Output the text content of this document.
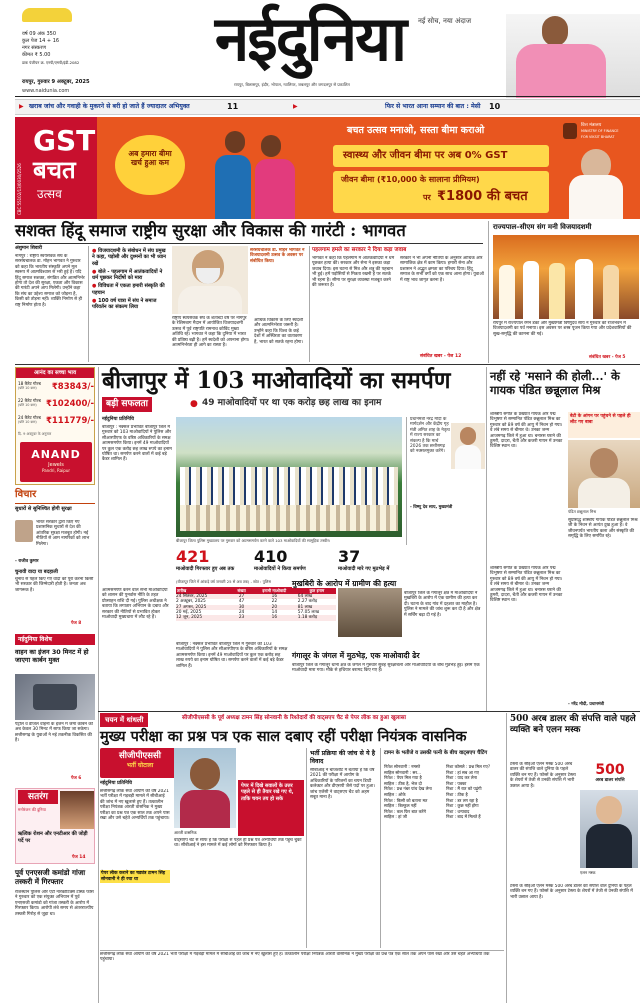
वर्ष 09 अंक 350
कुल पेज 14 + 16
नगर संस्करण
कीमत ₹ 5.00
डाक पंजीयन क्र. एनपी/एमपी/इंडी-2082	नईदुनिया	नई सोच, नया अंदाज
रायपुर, बिलासपुर, इंदौर, भोपाल, ग्वालियर, जबलपुर और जगदलपुर से प्रकाशित
रायपुर, गुरुवार 9 अक्टूबर, 2025
www.naidunia.com
▶ खराब जांच और गवाही के मुकरने से बरी हो जाते हैं ज्यादातर अभियुक्त	11	▶	फिर से भारत आना सम्मान की बात : मेसी 10
CBC 55102/13/0030/2526
GST
बचत
उत्सव
अब हमारा बीमा खर्च हुआ कम
बचत उत्सव मनाओ, सस्ता बीमा कराओ
स्वास्थ्य और जीवन बीमा पर अब 0% GST
जीवन बीमा (₹10,000 के सालाना प्रीमियम)
पर ₹1800 की बचत
वित्त मंत्रालय
MINISTRY OF FINANCE
FOR VIKSIT BHARAT
सशक्त हिंदू समाज राष्ट्रीय सुरक्षा और विकास की गारंटी : भागवत
अंशुमान शिवारी
नागपुर : राष्ट्रीय स्वयंसेवक संघ के सरसंघचालक डा. मोहन भागवत ने गुरुवार को कहा कि भारतीय संस्कृति अपने मूल स्वरूप में आत्मविश्वास से भरी हुई है। यदि हिंदू समाज सशक्त, संगठित और आत्मनिर्भर होगा तो देश की सुरक्षा, एकता और विकास की गारंटी अपने आप मिलेगी। उन्होंने कहा कि संघ का उद्देश्य समाज को जोड़ना है, किसी को तोड़ना नहीं। व्यक्ति निर्माण से ही राष्ट्र निर्माण होता है।
● विजयादशमी के संबोधन में संघ प्रमुख ने कहा, पड़ोसी और दुश्मनों का भी ध्यान रखें
● बोले - पहलगाम में आतंकवादियों ने धर्म पूछकर निर्दोषों को मारा
● विविधता में एकता हमारी संस्कृति की पहचान
● 100 वर्ष यात्रा में संघ ने समाज परिवर्तन का संकल्प लिया
सरसंघचालक डा. मोहन भागवत ने विजयादशमी उत्सव के अवसर पर संबोधित किया।
राष्ट्रीय स्वयंसेवक संघ के शताब्दी वर्ष पर नागपुर के रेशिमबाग मैदान में आयोजित विजयादशमी उत्सव में पूर्व राष्ट्रपति रामनाथ कोविंद मुख्य अतिथि रहे। भागवत ने कहा कि दुनिया में भारत की प्रतिष्ठा बढ़ी है। हमें स्वदेशी को अपनाना होगा। आत्मनिर्भरता ही आगे का रास्ता है।
आर्थिक विकास के लिए स्वदेशी और आत्मनिर्भरता जरूरी है। उन्होंने कहा कि विश्व के कई देशों में अस्थिरता का वातावरण है, भारत को सतर्क रहना होगा।
पहलगाम हमले का सरकार ने दिया कड़ा जवाब
भागवत ने कहा कि पहलगाम में आतंकवादियों ने धर्म पूछकर हत्या की। सरकार और सेना ने इसका कड़ा जवाब दिया। इस घटना से मित्र और शत्रु की पहचान भी हुई। हमें पड़ोसियों से मित्रता रखनी है पर सतर्क भी रहना है। सीमा पर सुरक्षा व्यवस्था मजबूत करने की जरूरत है।
सरकार ने भी अपनी नीतियों के अनुसार आर्थिक और सामाजिक क्षेत्र में काम किया। हमारी सेना और प्रशासन ने अद्भुत क्षमता का परिचय दिया। हिंदू समाज के सभी वर्गों को एक साथ आना होगा। युवाओं में राष्ट्र भाव जागृत करना है।
संबंधित खबर - पेज 12
राज्यपाल–सीएम संग मनी विजयादशमी
रायपुर में राज्यपाल रमेन डेका और मुख्यमंत्री विष्णुदेव साय ने गुरुवार को राजभवन में विजयादशमी का पर्व मनाया। इस अवसर पर शस्त्र पूजन किया गया और प्रदेशवासियों की सुख-समृद्धि की कामना की गई।
संबंधित खबर - पेज 5
आनंद का सच्चा भाव
18 कैरेट गोल्ड
(प्रति 10 ग्राम)	₹83843/-
22 कैरेट गोल्ड
(प्रति 10 ग्राम)	₹102400/-
24 कैरेट गोल्ड
(प्रति 10 ग्राम)	₹111779/-
दि. 9 अक्टूबर के अनुसार
ANAND
Jewels
Pandri, Raipur
विचार
सुधारों से सुनिश्चित होगी सुरक्षा
भारत सरकार द्वारा किए गए प्रशासनिक सुधारों से देश की आंतरिक सुरक्षा मजबूत होगी। नई नीतियों से आम नागरिकों को लाभ मिलेगा।
- राजीव कुमार
चुनावी वादा या बदहाली
चुनाव से पहले किए गए वादों को पूरा करना किसी भी सरकार की जिम्मेदारी होती है। जनता अब जागरूक है।
पेज 8
नईदुनिया विशेष
वाहन का इंजन 30 मिनट में हो जाएगा कार्बन मुक्त
पेट्रोल व डीजल वाहनों के इंजन में जमा कार्बन को अब केवल 30 मिनट में साफ किया जा सकेगा। छत्तीसगढ़ के युवाओं ने नई तकनीक विकसित की है।
पेज 6
सतरंग
मनोरंजन की दुनिया
ऋत्विक रोशन और एनटीआर की जोड़ी पर्दे पर
पेज 14
पूर्व एनएसजी कमांडो गांजा तस्करी में गिरफ्तार
राजस्थान पुलिस और एंटी नारकोटिक्स टास्क फोर्स ने गुरुवार को एक संयुक्त अभियान में पूर्व एनएसजी कमांडो को गांजा तस्करी के आरोप में गिरफ्तार किया। आरोपी लंबे समय से अंतरराज्यीय तस्करी गिरोह से जुड़ा था।
बीजापुर में 103 माओवादियों का समर्पण
बड़ी सफलता	● 49 माओवादियों पर था एक करोड़ छह लाख का इनाम
नईदुनिया प्रतिनिधि
बीजापुर : नक्सल प्रभावित बीजापुर जिले में गुरुवार को 103 माओवादियों ने पुलिस और सीआरपीएफ के वरिष्ठ अधिकारियों के समक्ष आत्मसमर्पण किया। इनमें 49 माओवादियों पर कुल एक करोड़ छह लाख रुपये का इनाम घोषित था। समर्पण करने वालों में कई बड़े कैडर शामिल हैं।
बीजापुर जिला पुलिस मुख्यालय पर गुरुवार को आत्मसमर्पण करने वाले 103 माओवादियों की सामूहिक तस्वीर।
प्रधानमंत्री नरेंद्र मोदी के मार्गदर्शन और केंद्रीय गृह मंत्री अमित शाह के नेतृत्व में राज्य सरकार का संकल्प है कि मार्च 2026 तक छत्तीसगढ़ को नक्सलमुक्त करेंगे।
- विष्णु देव साय, मुख्यमंत्री
421
माओवादी गिरफ्तार हुए अब तक
410
माओवादियों ने किया समर्पण
37
माओवादी मारे गए मुठभेड़ में
(बीजापुर जिले में आंकड़े वर्ष जनवरी 25 से अब तक) - स्रोत : पुलिस
तारीख	संख्या	इनामी माओवादी	कुल इनाम
24 सितंबर, 2025	27	16	64 लाख
2 अक्टूबर, 2025	47	22	2.27 करोड़
27 अगस्त, 2025	30	20	81 लाख
20 मई, 2025	24	14	57.05 लाख
12 जून, 2025	23	16	1.18 करोड़
आत्मसमर्पण करने वाले सभी माओवादियों को शासन की पुनर्वास नीति के तहत प्रोत्साहन राशि दी गई। पुलिस अधीक्षक ने बताया कि लगातार अभियान के दबाव और सरकार की नीतियों से प्रभावित होकर माओवादी मुख्यधारा में लौट रहे हैं।
बीजापुर : नक्सल प्रभावित बीजापुर जिले में गुरुवार को 103 माओवादियों ने पुलिस और सीआरपीएफ के वरिष्ठ अधिकारियों के समक्ष आत्मसमर्पण किया। इनमें 49 माओवादियों पर कुल एक करोड़ छह लाख रुपये का इनाम घोषित था। समर्पण करने वालों में कई बड़े कैडर शामिल हैं।
मुखबिरी के आरोप में ग्रामीण की हत्या
बीजापुर जिले के गंगालूर क्षेत्र में माओवादियों ने मुखबिरी के आरोप में एक ग्रामीण की हत्या कर दी। घटना के बाद गांव में दहशत का माहौल है। पुलिस ने मामले की जांच शुरू कर दी है और क्षेत्र में सर्चिंग बढ़ा दी गई है।
गंगालूर के जंगल में मुठभेड़, एक माओवादी ढेर
बीजापुर जिले के गंगालूर थाना क्षेत्र के जंगल में गुरुवार सुबह सुरक्षाबलों और माओवादियों के बीच मुठभेड़ हुई। इसमें एक माओवादी मारा गया। मौके से हथियार बरामद किए गए हैं।
नहीं रहे 'मसाने की होली...' के गायक पंडित छन्नूलाल मिश्र
शास्त्रीय संगीत के प्रख्यात गायक और पद्म विभूषण से सम्मानित पंडित छन्नूलाल मिश्र का गुरुवार को 89 वर्ष की आयु में निधन हो गया। वे लंबे समय से बीमार थे। उनका जन्म आजमगढ़ जिले में हुआ था। बनारस घराने की ठुमरी, दादरा, चैती और कजरी गायन में उनका विशिष्ट स्थान था।
बेटी के आंगन पर पहुंचने से पहले ही लौट गए बाबा
पंडित छन्नूलाल मिश्र
सुप्रसिद्ध शास्त्रीय गायक पंडित छन्नूलाल मिश्र जी के निधन से अत्यंत दुख हुआ है। वे जीवनपर्यंत भारतीय कला और संस्कृति की समृद्धि के लिए समर्पित रहे।
- नरेंद्र मोदी, प्रधानमंत्री
शास्त्रीय संगीत के प्रख्यात गायक और पद्म विभूषण से सम्मानित पंडित छन्नूलाल मिश्र का गुरुवार को 89 वर्ष की आयु में निधन हो गया। वे लंबे समय से बीमार थे। उनका जन्म आजमगढ़ जिले में हुआ था। बनारस घराने की ठुमरी, दादरा, चैती और कजरी गायन में उनका विशिष्ट स्थान था।
चयन में धांधली	सीजीपीएससी के पूर्व अध्यक्ष टामन सिंह सोनवानी के रिश्तेदारों की वाट्सएप चैट से पेपर लीक का हुआ खुलासा
मुख्य परीक्षा का प्रश्न पत्र एक साल दबाए रहीं परीक्षा नियंत्रक वासनिक
सीजीपीएससी
भर्ती घोटाला
नईदुनिया प्रतिनिधि
छत्तीसगढ़ लोक सेवा आयोग की वर्ष 2021 भर्ती परीक्षा में गड़बड़ी मामले में सीबीआई की जांच में नए खुलासे हुए हैं। तत्कालीन परीक्षा नियंत्रक आरती वासनिक ने मुख्य परीक्षा का प्रश्न पत्र एक साल तक अपने पास रखा और उसे चहेते अभ्यर्थियों तक पहुंचाया।
पेपर लीक कराने का षड्यंत्र टामन सिंह सोनवानी ने ही रचा था
आरती वासनिक
पेपर में दिखे सवालों के उत्तर पहले से ही तैयार रखे गए थे, ताकि चयन तय हो सके
वाट्सएप चैट से साफ है कि परीक्षा से पहले ही प्रश्न पत्र अभ्यर्थियों तक पहुंच चुका था। सीबीआई ने इस मामले में कई लोगों को गिरफ्तार किया है।
भर्ती प्रक्रिया की जांच से ये है विवाद
सीबीआई ने चार्जशीट में बताया है कि वर्ष 2021 की परीक्षा में आयोग के अधिकारियों के परिजनों का चयन डिप्टी कलेक्टर और डीएसपी जैसे पदों पर हुआ। जांच एजेंसी ने वाट्सएप चैट को अहम सबूत माना है।
टामन के भतीजे व उसकी पत्नी के बीच वाट्सएप चैटिंग
नितेश सोनवानी : नमस्ते
साहिल सोनवानी : सर...
नितेश : पेपर मिल गया है
साहिल : ठीक है, भेज दो
नितेश : प्रश्न नंबर पांच देख लेना
साहिल : ओके
नितेश : किसी को बताना मत
साहिल : बिल्कुल नहीं
नितेश : कल फिर बात करेंगे
साहिल : हां जी
निशा कोसले : प्रश्न मिल गए?
निशा : हां सब आ गए
निशा : याद कर लेना
निशा : पक्का
निशा : मैं रात को पढ़ूंगी
निशा : ठीक है
निशा : डर लग रहा है
निशा : कुछ नहीं होगा
निशा : धन्यवाद
निशा : बाद में मिलते हैं
छत्तीसगढ़ लोक सेवा आयोग की वर्ष 2021 भर्ती परीक्षा में गड़बड़ी मामले में सीबीआई की जांच में नए खुलासे हुए हैं। तत्कालीन परीक्षा नियंत्रक आरती वासनिक ने मुख्य परीक्षा का प्रश्न पत्र एक साल तक अपने पास रखा और उसे चहेते अभ्यर्थियों तक पहुंचाया।
500 अरब डालर की संपत्ति वाले पहले व्यक्ति बने एलन मस्क
टेस्ला के सीईओ एलन मस्क 500 अरब डालर की संपत्ति वाले दुनिया के पहले व्यक्ति बन गए हैं। फोर्ब्स के अनुसार टेस्ला के शेयरों में तेजी से उनकी संपत्ति में भारी उछाल आया है।
500
अरब डालर संपत्ति
एलन मस्क
टेस्ला के सीईओ एलन मस्क 500 अरब डालर की संपत्ति वाले दुनिया के पहले व्यक्ति बन गए हैं। फोर्ब्स के अनुसार टेस्ला के शेयरों में तेजी से उनकी संपत्ति में भारी उछाल आया है।
